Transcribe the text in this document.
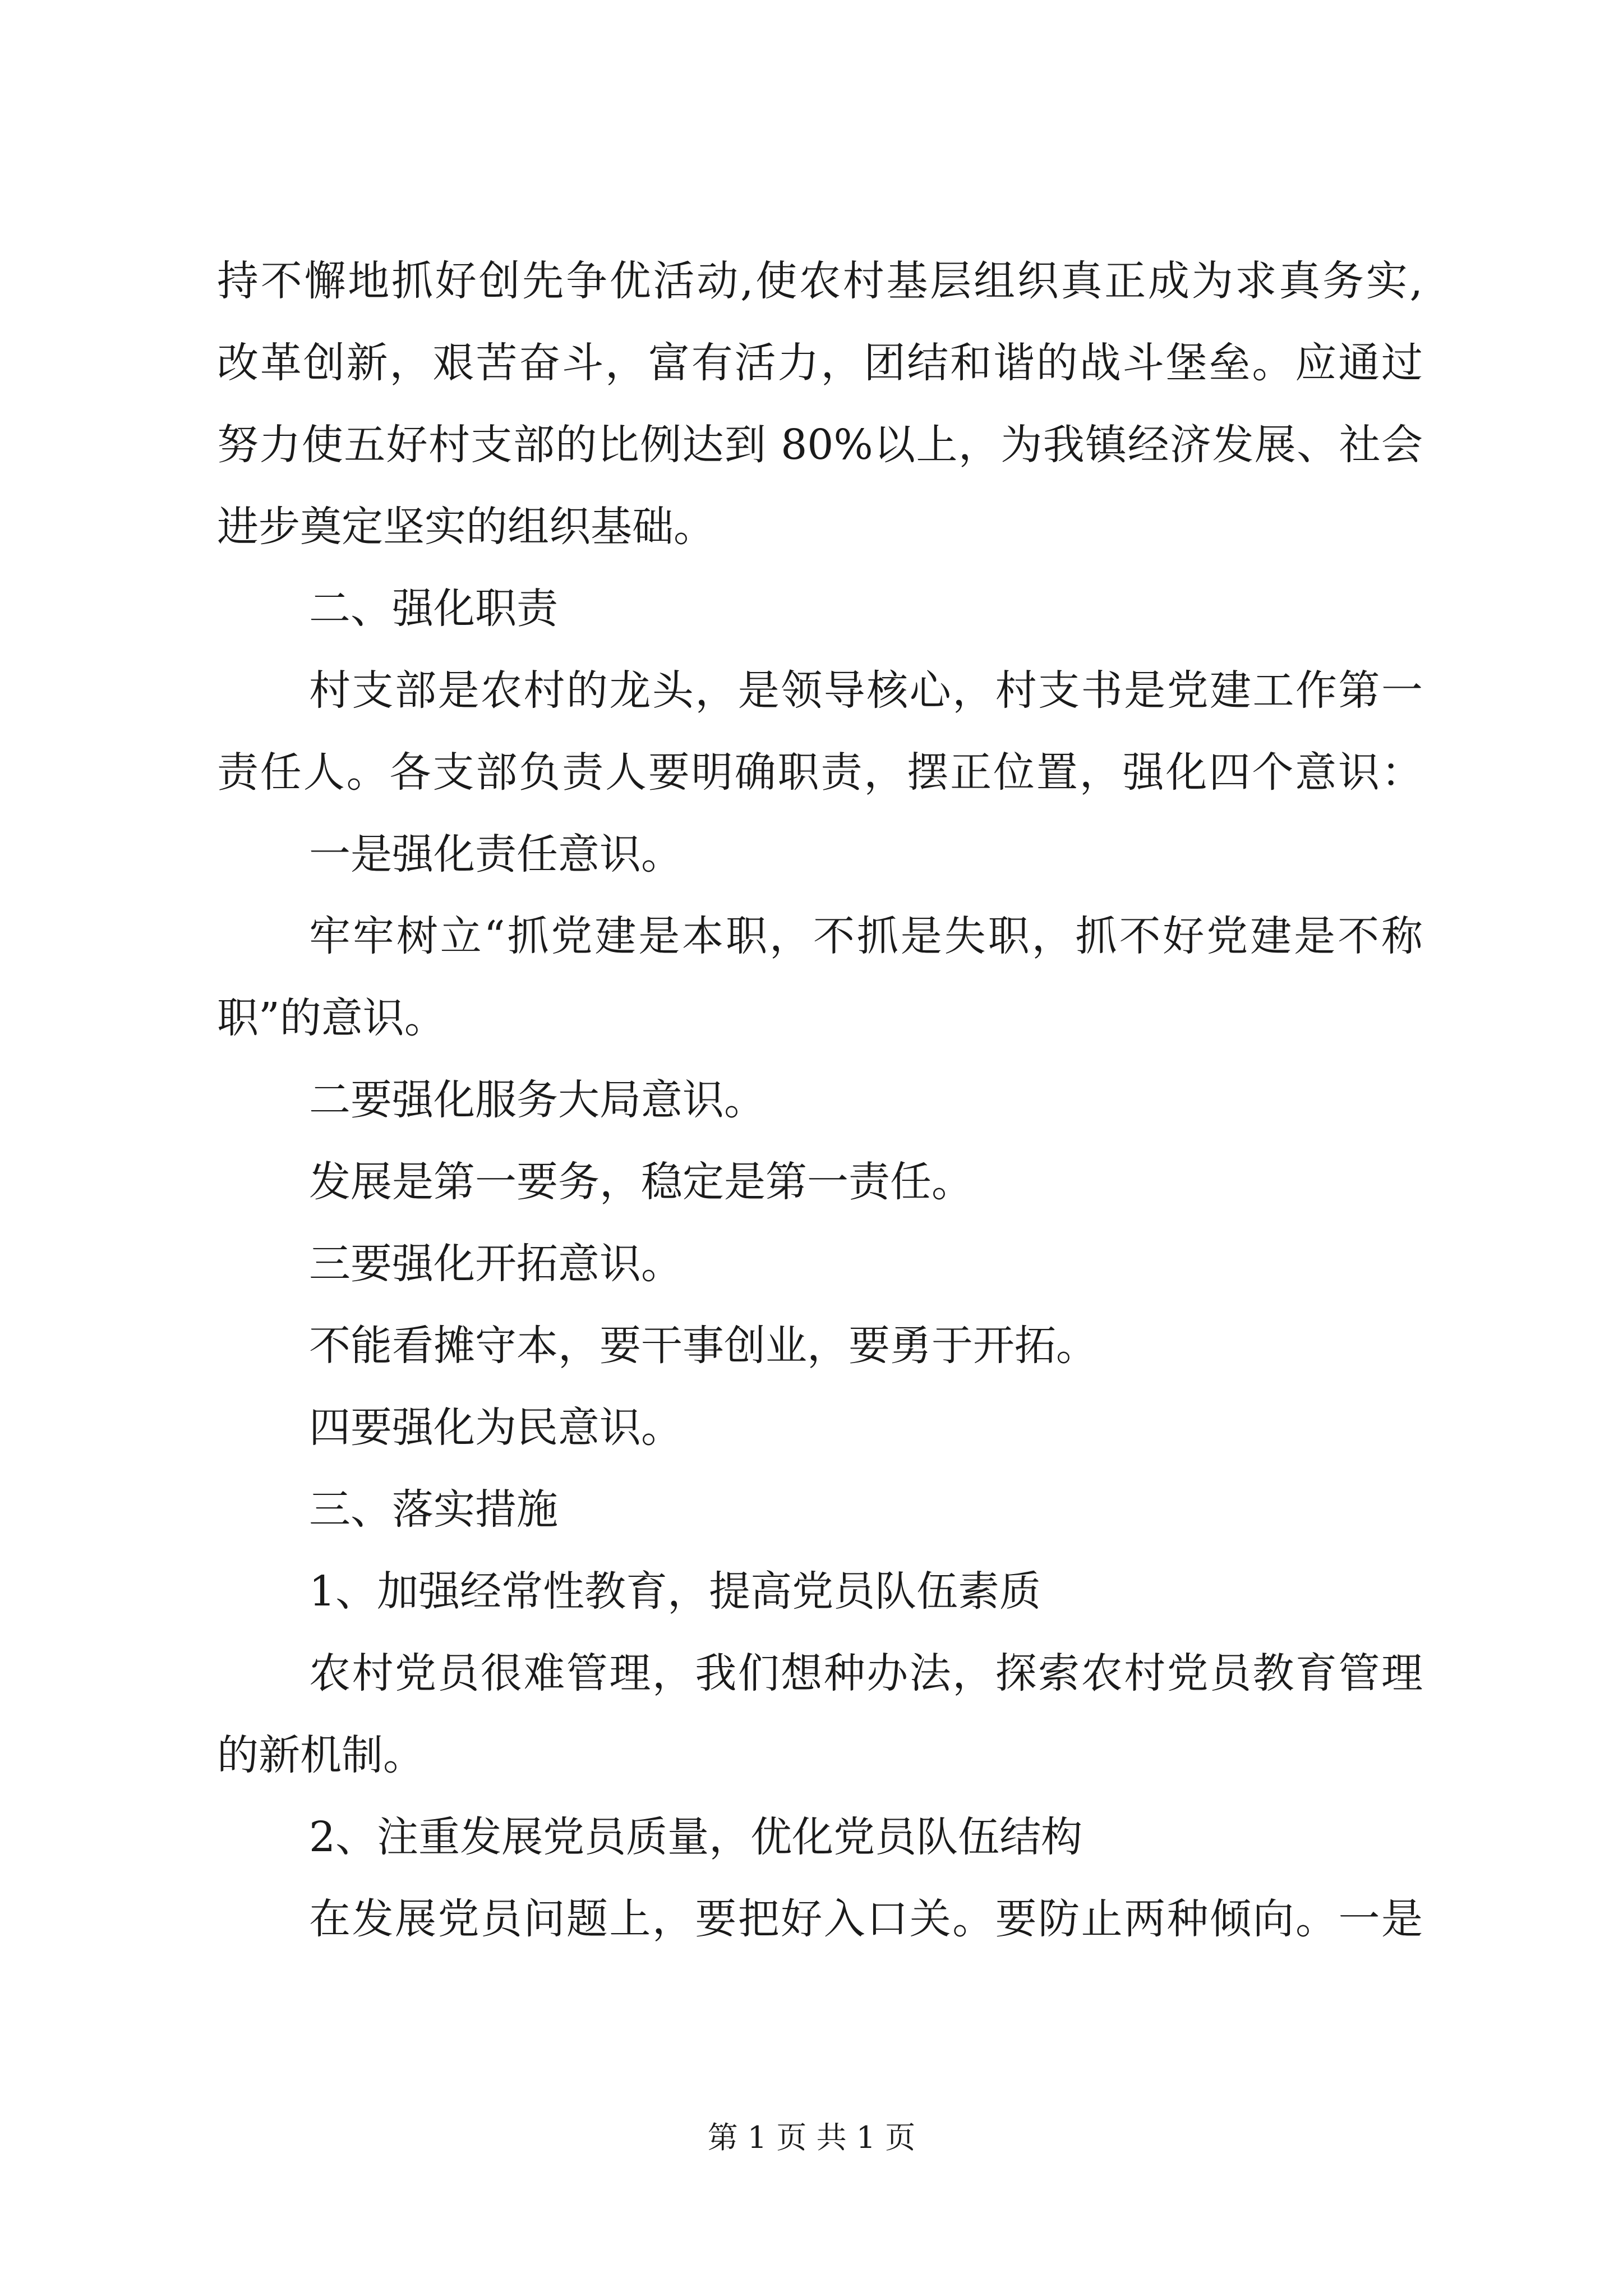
持不懈地抓好创先争优活动,使农村基层组织真正成为求真务实,
改革创新，艰苦奋斗，富有活力，团结和谐的战斗堡垒。应通过
努力使五好村支部的比例达到 80%以上，为我镇经济发展、社会
进步奠定坚实的组织基础。
二、强化职责
村支部是农村的龙头，是领导核心，村支书是党建工作第一
责任人。各支部负责人要明确职责，摆正位置，强化四个意识：
一是强化责任意识。
牢牢树立“抓党建是本职，不抓是失职，抓不好党建是不称
职”的意识。
二要强化服务大局意识。
发展是第一要务，稳定是第一责任。
三要强化开拓意识。
不能看摊守本，要干事创业，要勇于开拓。
四要强化为民意识。
三、落实措施
1、加强经常性教育，提高党员队伍素质
农村党员很难管理，我们想种办法，探索农村党员教育管理
的新机制。
2、注重发展党员质量，优化党员队伍结构
在发展党员问题上，要把好入口关。要防止两种倾向。一是
第 1 页 共 1 页
